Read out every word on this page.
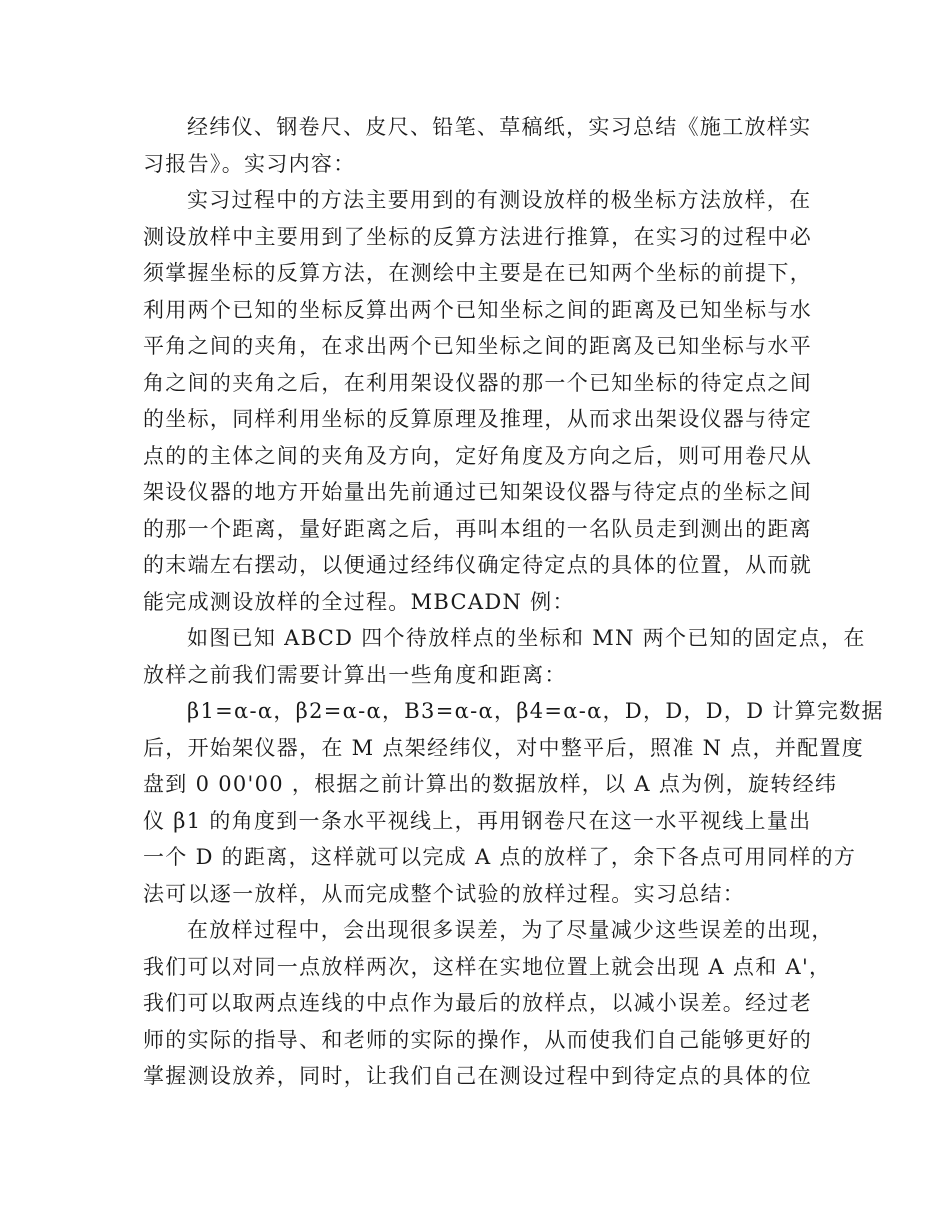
经纬仪、钢卷尺、皮尺、铅笔、草稿纸，实习总结《施工放样实
习报告》。实习内容：
实习过程中的方法主要用到的有测设放样的极坐标方法放样，在
测设放样中主要用到了坐标的反算方法进行推算，在实习的过程中必
须掌握坐标的反算方法，在测绘中主要是在已知两个坐标的前提下，
利用两个已知的坐标反算出两个已知坐标之间的距离及已知坐标与水
平角之间的夹角，在求出两个已知坐标之间的距离及已知坐标与水平
角之间的夹角之后，在利用架设仪器的那一个已知坐标的待定点之间
的坐标，同样利用坐标的反算原理及推理，从而求出架设仪器与待定
点的的主体之间的夹角及方向，定好角度及方向之后，则可用卷尺从
架设仪器的地方开始量出先前通过已知架设仪器与待定点的坐标之间
的那一个距离，量好距离之后，再叫本组的一名队员走到测出的距离
的末端左右摆动，以便通过经纬仪确定待定点的具体的位置，从而就
能完成测设放样的全过程。MBCADN 例：
如图已知 ABCD 四个待放样点的坐标和 MN 两个已知的固定点，在
放样之前我们需要计算出一些角度和距离：
β1=α-α，β2=α-α，B3=α-α，β4=α-α，D，D，D，D 计算完数据
后，开始架仪器，在 M 点架经纬仪，对中整平后，照准 N 点，并配置度
盘到 0 00'00 ，根据之前计算出的数据放样，以 A 点为例，旋转经纬
仪 β1 的角度到一条水平视线上，再用钢卷尺在这一水平视线上量出
一个 D 的距离，这样就可以完成 A 点的放样了，余下各点可用同样的方
法可以逐一放样，从而完成整个试验的放样过程。实习总结：
在放样过程中，会出现很多误差，为了尽量减少这些误差的出现，
我们可以对同一点放样两次，这样在实地位置上就会出现 A 点和 A'，
我们可以取两点连线的中点作为最后的放样点，以减小误差。经过老
师的实际的指导、和老师的实际的操作，从而使我们自己能够更好的
掌握测设放养，同时，让我们自己在测设过程中到待定点的具体的位
